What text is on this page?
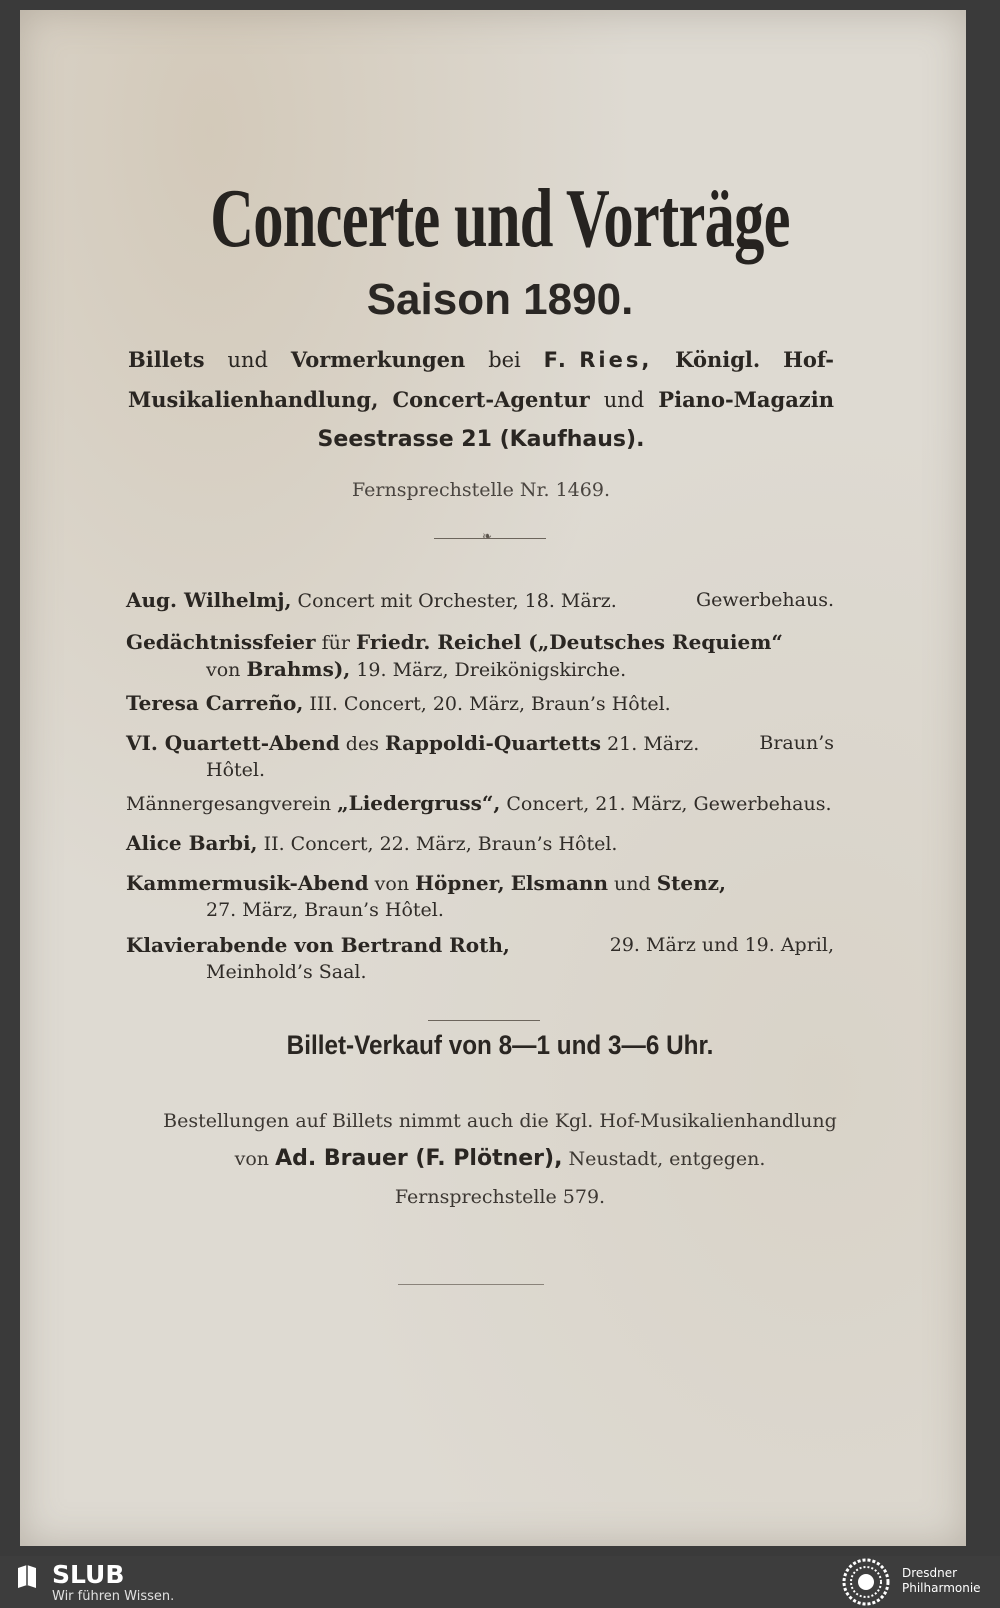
Concerte und Vorträge
Saison 1890.
Billets und Vormerkungen bei F. Ries, Königl. Hof-
Musikalienhandlung, Concert-Agentur und Piano-Magazin
Seestrasse 21 (Kaufhaus).
Fernsprechstelle Nr. 1469.
❧
Aug. Wilhelmj, Concert mit Orchester, 18. März.	Gewerbehaus.
Gedächtnissfeier für Friedr. Reichel („Deutsches Requiem“
von Brahms), 19. März, Dreikönigskirche.
Teresa Carreño, III. Concert, 20. März, Braun’s Hôtel.
VI. Quartett-Abend des Rappoldi-Quartetts 21. März.	Braun’s
Hôtel.
Männergesangverein „Liedergruss“, Concert, 21. März, Gewerbehaus.
Alice Barbi, II. Concert, 22. März, Braun’s Hôtel.
Kammermusik-Abend von Höpner, Elsmann und Stenz,
27. März, Braun’s Hôtel.
Klavierabende von Bertrand Roth,	29. März und 19. April,
Meinhold’s Saal.
Billet-Verkauf von 8—1 und 3—6 Uhr.
Bestellungen auf Billets nimmt auch die Kgl. Hof-Musikalienhandlung
von Ad. Brauer (F. Plötner), Neustadt, entgegen.
Fernsprechstelle 579.
SLUB
Wir führen Wissen.
Dresdner
Philharmonie
